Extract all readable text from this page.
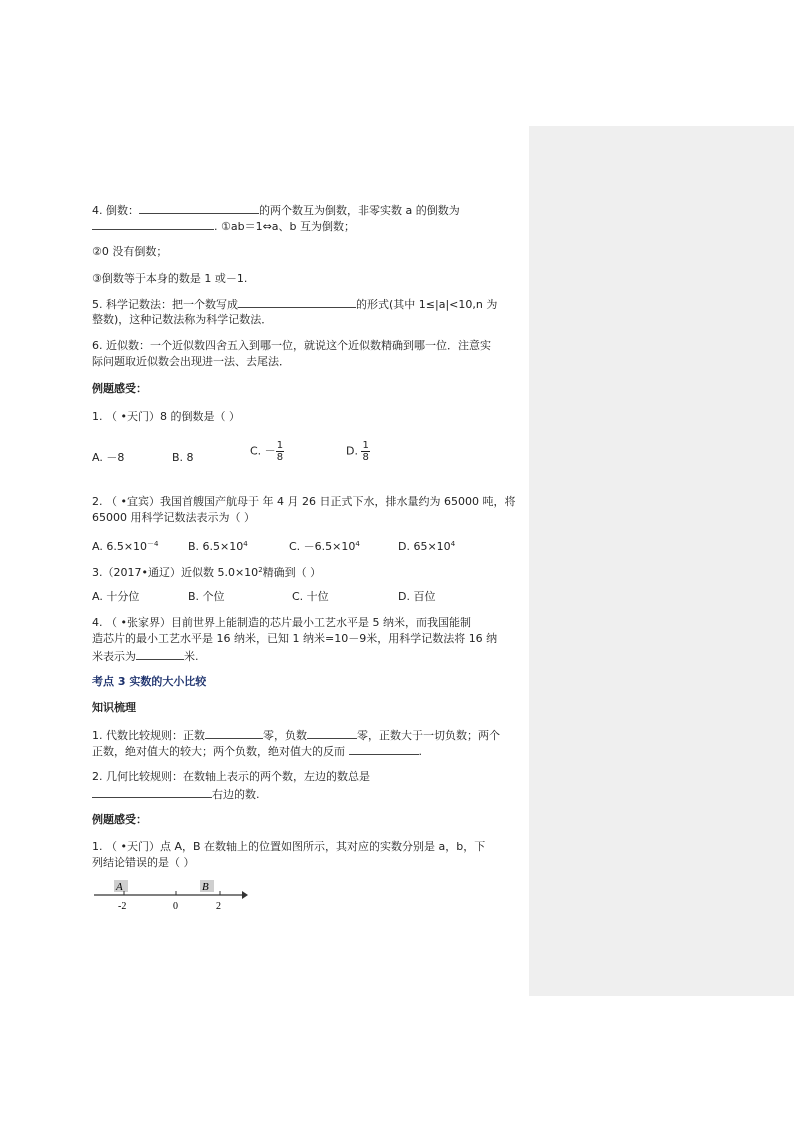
4. 倒数：	的两个数互为倒数，非零实数 a 的倒数为
. ①ab＝1⇔a、b 互为倒数；
②0 没有倒数；
③倒数等于本身的数是 1 或－1.
5. 科学记数法：把一个数写成	的形式(其中 1≤|a|<10,n 为
整数)，这种记数法称为科学记数法．
6. 近似数：一个近似数四舍五入到哪一位，就说这个近似数精确到哪一位．注意实
际问题取近似数会出现进一法、去尾法．
例题感受：
1. （ •天门）8 的倒数是（ ）
A. －8	B. 8	C. － $\frac{1}{8}$	D. $\frac{1}{8}$
2. （ •宜宾）我国首艘国产航母于 年 4 月 26 日正式下水，排水量约为 65000 吨，将
65000 用科学记数法表示为（ ）
A. $6.5\times 10^{-4}$	B. $6.5\times 10^4$	C. $-6.5\times 10^4$	D. $65\times 10^4$
3.（2017•通辽）近似数 $5.0\times 10^2$精确到（ ）
A. 十分位	B. 个位	C. 十位	D. 百位
4. （ •张家界）目前世界上能制造的芯片最小工艺水平是 5 纳米，而我国能制
造芯片的最小工艺水平是 16 纳米，已知 1 纳米=10－9米，用科学记数法将 16 纳
米表示为	米.
考点 3 实数的大小比较
知识梳理
1. 代数比较规则：正数	零，负数	零，正数大于一切负数；两个
正数，绝对值大的较大；两个负数，绝对值大的反而	.
2. 几何比较规则：在数轴上表示的两个数，左边的数总是
右边的数.
例题感受：
1. （ •天门）点 A，B 在数轴上的位置如图所示，其对应的实数分别是 a，b，下
列结论错误的是（ ）
A	B
-2	0	2
